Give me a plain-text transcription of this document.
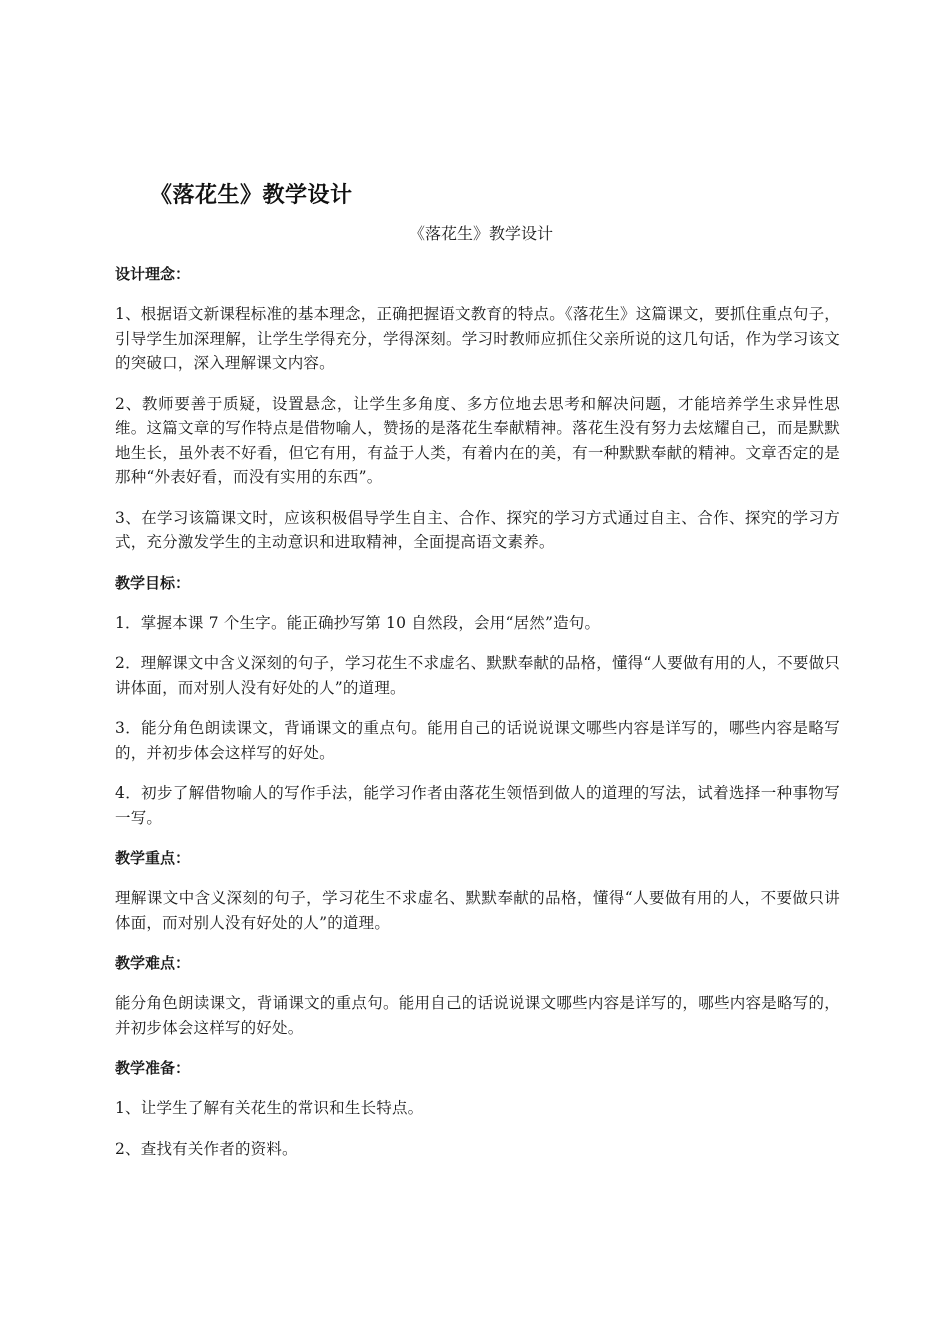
《落花生》教学设计

《落花生》教学设计

设计理念：

1、根据语文新课程标准的基本理念，正确把握语文教育的特点。《落花生》这篇课文，要抓住重点句子，引导学生加深理解，让学生学得充分，学得深刻。学习时教师应抓住父亲所说的这几句话，作为学习该文的突破口，深入理解课文内容。

2、教师要善于质疑，设置悬念，让学生多角度、多方位地去思考和解决问题，才能培养学生求异性思维。这篇文章的写作特点是借物喻人，赞扬的是落花生奉献精神。落花生没有努力去炫耀自己，而是默默地生长，虽外表不好看，但它有用，有益于人类，有着内在的美，有一种默默奉献的精神。文章否定的是那种“外表好看，而没有实用的东西”。

3、在学习该篇课文时，应该积极倡导学生自主、合作、探究的学习方式通过自主、合作、探究的学习方式，充分激发学生的主动意识和进取精神，全面提高语文素养。

教学目标：

1．掌握本课 7 个生字。能正确抄写第 10 自然段，会用“居然”造句。

2．理解课文中含义深刻的句子，学习花生不求虚名、默默奉献的品格，懂得“人要做有用的人，不要做只讲体面，而对别人没有好处的人”的道理。

3．能分角色朗读课文，背诵课文的重点句。能用自己的话说说课文哪些内容是详写的，哪些内容是略写的，并初步体会这样写的好处。

4．初步了解借物喻人的写作手法，能学习作者由落花生领悟到做人的道理的写法，试着选择一种事物写一写。

教学重点：

理解课文中含义深刻的句子，学习花生不求虚名、默默奉献的品格，懂得“人要做有用的人，不要做只讲体面，而对别人没有好处的人”的道理。

教学难点：

能分角色朗读课文，背诵课文的重点句。能用自己的话说说课文哪些内容是详写的，哪些内容是略写的，并初步体会这样写的好处。

教学准备：

1、让学生了解有关花生的常识和生长特点。

2、查找有关作者的资料。
